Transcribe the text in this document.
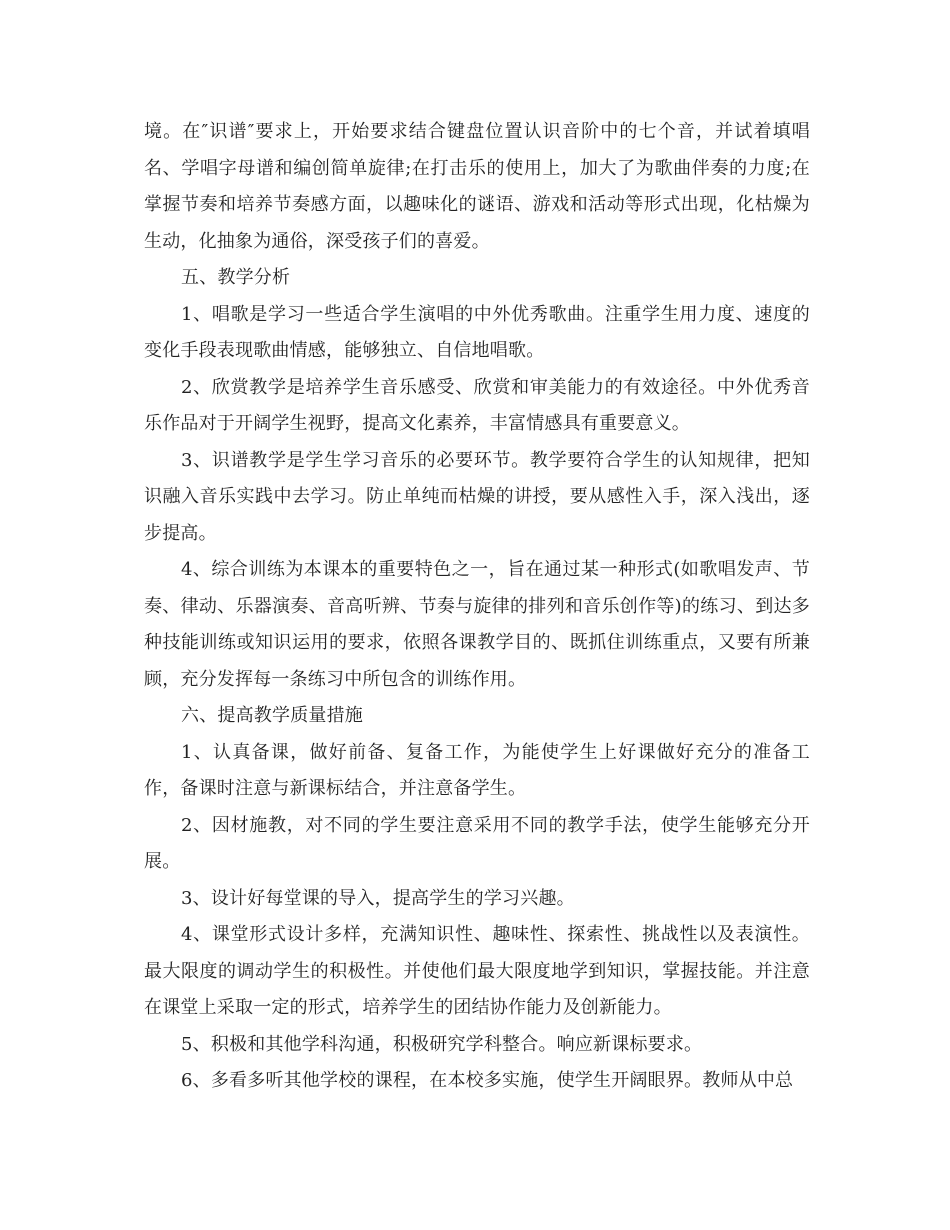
境。在″识谱″要求上，开始要求结合键盘位置认识音阶中的七个音，并试着填唱名、学唱字母谱和编创简单旋律;在打击乐的使用上，加大了为歌曲伴奏的力度;在掌握节奏和培养节奏感方面，以趣味化的谜语、游戏和活动等形式出现，化枯燥为生动，化抽象为通俗，深受孩子们的喜爱。

五、教学分析

1、唱歌是学习一些适合学生演唱的中外优秀歌曲。注重学生用力度、速度的变化手段表现歌曲情感，能够独立、自信地唱歌。

2、欣赏教学是培养学生音乐感受、欣赏和审美能力的有效途径。中外优秀音乐作品对于开阔学生视野，提高文化素养，丰富情感具有重要意义。

3、识谱教学是学生学习音乐的必要环节。教学要符合学生的认知规律，把知识融入音乐实践中去学习。防止单纯而枯燥的讲授，要从感性入手，深入浅出，逐步提高。

4、综合训练为本课本的重要特色之一，旨在通过某一种形式(如歌唱发声、节奏、律动、乐器演奏、音高听辨、节奏与旋律的排列和音乐创作等)的练习、到达多种技能训练或知识运用的要求，依照各课教学目的、既抓住训练重点，又要有所兼顾，充分发挥每一条练习中所包含的训练作用。

六、提高教学质量措施

1、认真备课，做好前备、复备工作，为能使学生上好课做好充分的准备工作，备课时注意与新课标结合，并注意备学生。

2、因材施教，对不同的学生要注意采用不同的教学手法，使学生能够充分开展。

3、设计好每堂课的导入，提高学生的学习兴趣。

4、课堂形式设计多样，充满知识性、趣味性、探索性、挑战性以及表演性。最大限度的调动学生的积极性。并使他们最大限度地学到知识，掌握技能。并注意在课堂上采取一定的形式，培养学生的团结协作能力及创新能力。

5、积极和其他学科沟通，积极研究学科整合。响应新课标要求。

6、多看多听其他学校的课程，在本校多实施，使学生开阔眼界。教师从中总
